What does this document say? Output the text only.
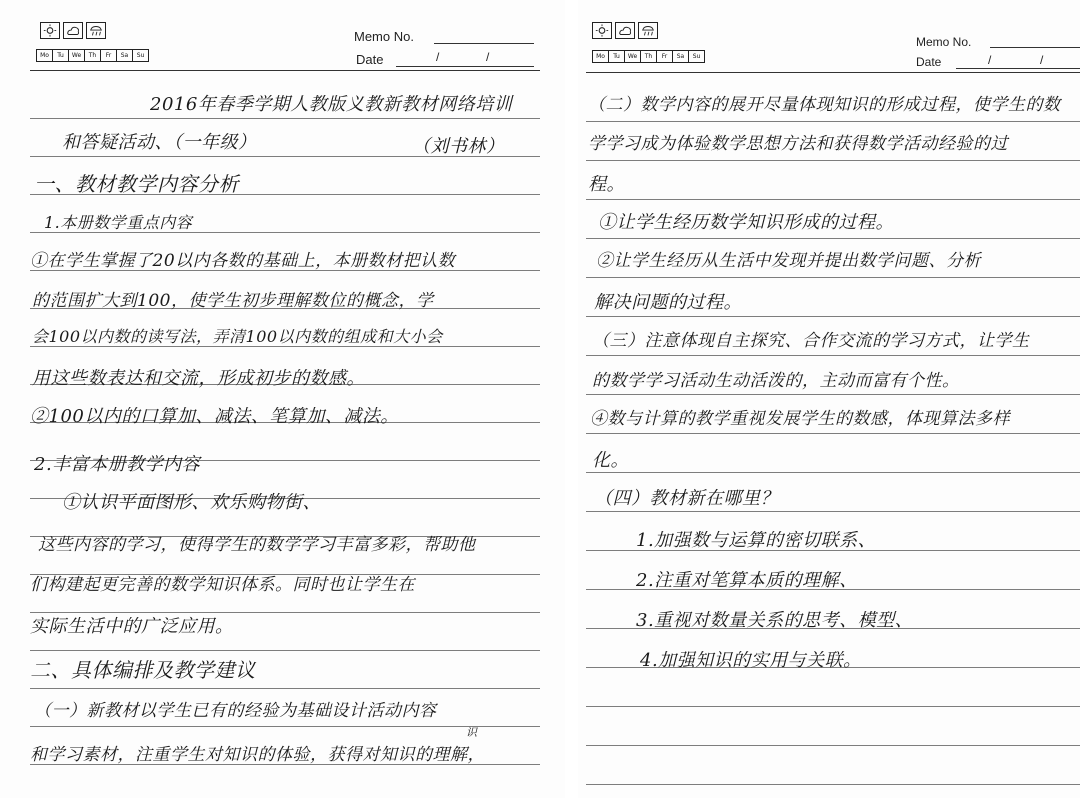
Mo	Tu	We	Th	Fr	Sa	Su
Memo No.
Date	/	/
2016年春季学期人教版义教新教材网络培训
和答疑活动、（一年级）	（刘书林）
一、教材教学内容分析
1.本册数学重点内容
①在学生掌握了20以内各数的基础上，本册数材把认数
的范围扩大到100，使学生初步理解数位的概念，学
会100以内数的读写法，弄清100以内数的组成和大小会
用这些数表达和交流，形成初步的数感。
②100以内的口算加、减法、笔算加、减法。
2.丰富本册教学内容
①认识平面图形、欢乐购物街、
这些内容的学习，使得学生的数学学习丰富多彩，帮助他
们构建起更完善的数学知识体系。同时也让学生在
实际生活中的广泛应用。
二、具体编排及教学建议
（一）新教材以学生已有的经验为基础设计活动内容
识
和学习素材，注重学生对知识的体验，获得对知识的理解，
Mo	Tu	We	Th	Fr	Sa	Su
Memo No.
Date	/	/
（二）数学内容的展开尽量体现知识的形成过程，使学生的数
学学习成为体验数学思想方法和获得数学活动经验的过
程。
①让学生经历数学知识形成的过程。
②让学生经历从生活中发现并提出数学问题、分析
解决问题的过程。
（三）注意体现自主探究、合作交流的学习方式，让学生
的数学学习活动生动活泼的，主动而富有个性。
④数与计算的教学重视发展学生的数感，体现算法多样
化。
（四）教材新在哪里？
1.加强数与运算的密切联系、
2.注重对笔算本质的理解、
3.重视对数量关系的思考、模型、
4.加强知识的实用与关联。
